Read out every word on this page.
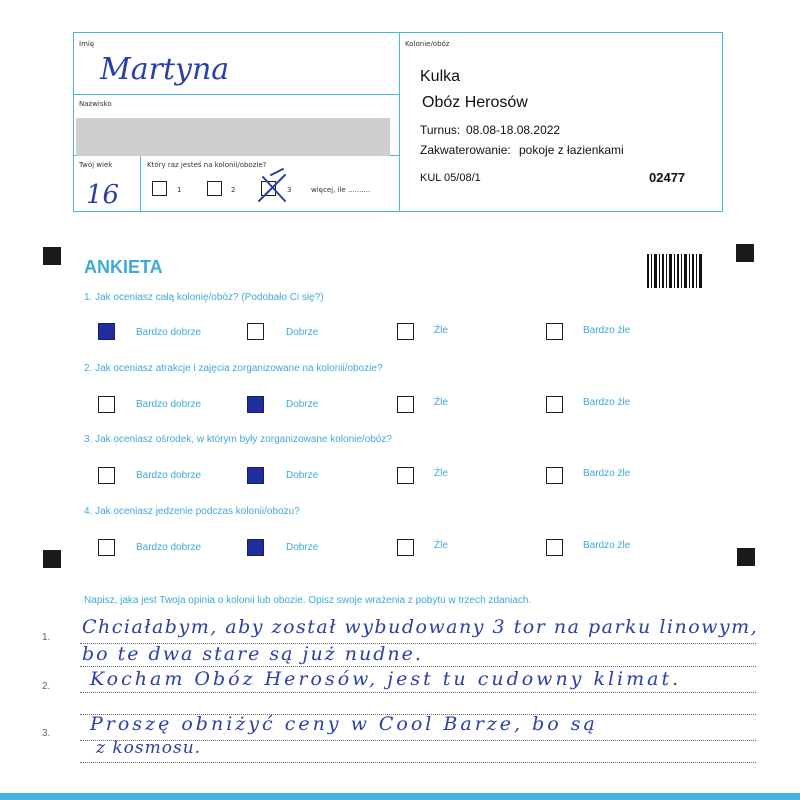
Imię
Martyna
Nazwisko
Twój wiek
16
Który raz jesteś na kolonii/obozie?
1	2	3	więcej, ile ..........
Kolonie/obóz
Kulka
Obóz Herosów
Turnus: 08.08-18.08.2022
Zakwaterowanie: pokoje z łazienkami
KUL 05/08/1	02477
ANKIETA
1. Jak oceniasz całą kolonię/obóz? (Podobało Ci się?)
Bardzo dobrze	Dobrze	Źle	Bardzo źle
2. Jak oceniasz atrakcje i zajęcia zorganizowane na kolonii/obozie?
Bardzo dobrze	Dobrze	Źle	Bardzo źle
3. Jak oceniasz ośrodek, w którym były zorganizowane kolonie/obóz?
Bardzo dobrze	Dobrze	Źle	Bardzo źle
4. Jak oceniasz jedzenie podczas kolonii/obozu?
Bardzo dobrze	Dobrze	Źle	Bardzo źle
Napisz, jaka jest Twoja opinia o kolonii lub obozie. Opisz swoje wrażenia z pobytu w trzech zdaniach.
1.
2.
3.
Chciałabym, aby został wybudowany 3 tor na parku linowym,
bo te dwa stare są już nudne.
Kocham Obóz Herosów, jest tu cudowny klimat.
Proszę obniżyć ceny w Cool Barze, bo są
z kosmosu.
